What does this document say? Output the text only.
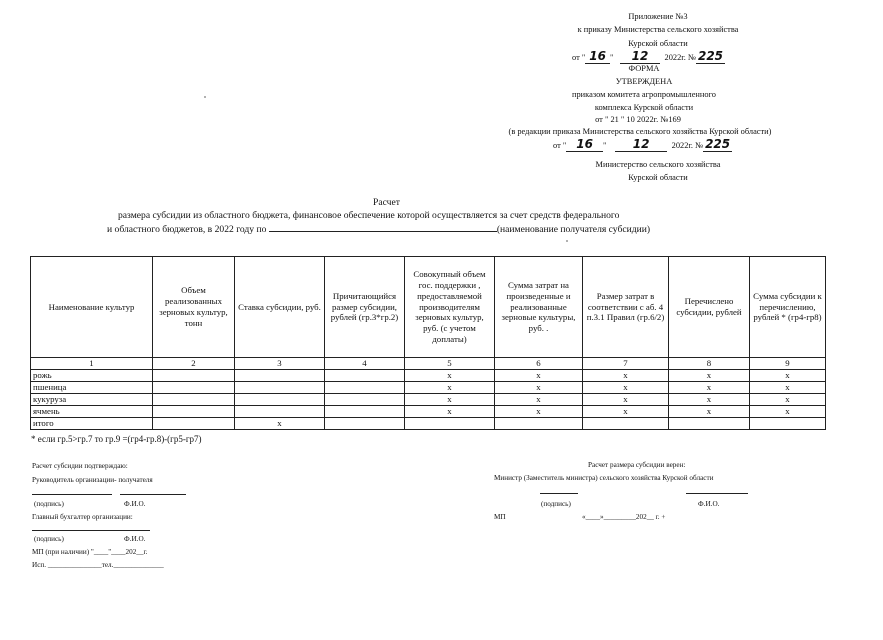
Приложение №3
к приказу Министерства сельского хозяйства
Курской области
от " 16 " 12 2022г. № 225
ФОРМА
УТВЕРЖДЕНА
приказом комитета агропромышленного
комплекса Курской области
от " 21 " 10 2022г. №169
(в редакции приказа Министерства сельского хозяйства Курской области)
от " 16 " 12	2022г. № 225
Министерство сельского хозяйства
Курской области
Расчет
размера субсидии из областного бюджета, финансовое обеспечение которой осуществляется за счет средств федерального
и областного бюджетов, в 2022 году по	(наименование получателя субсидии)
Наименование культур	Объем реализованных зерновых культур, тонн	Ставка субсидии, руб.	Причитающийся размер субсидии, рублей (гр.3*гр.2)	Совокупный объем гос. поддержки , предоставляемой производителям зерновых культур, руб. (с учетом доплаты)	Сумма затрат на произведенные и реализованные зерновые культуры, руб. .	Размер затрат в соответствии с аб. 4 п.3.1 Правил (гр.6/2)	Перечислено субсидии, рублей	Сумма субсидии к перечислению, рублей * (гр4-гр8)
1	2	3	4	5	6	7	8	9
рожь				x	x	x	x	x
пшеница				x	x	x	x	x
кукуруза				x	x	x	x	x
ячмень				x	x	x	x	x
итого		x						
* если гр.5>гр.7 то гр.9 =(гр4-гр.8)-(гр5-гр7)
Расчет субсидии подтверждаю:
Руководитель организации- получателя
(подпись)	Ф.И.О.
Главный бухгалтер организации:
(подпись)	Ф.И.О.
МП (при наличии) "____"____202__г.
Исп. _______________тел.______________
Расчет размера субсидии верен:
Министр (Заместитель министра) сельского хозяйства Курской области
(подпись)	Ф.И.О.
МП	«____»_________202__ г. +
